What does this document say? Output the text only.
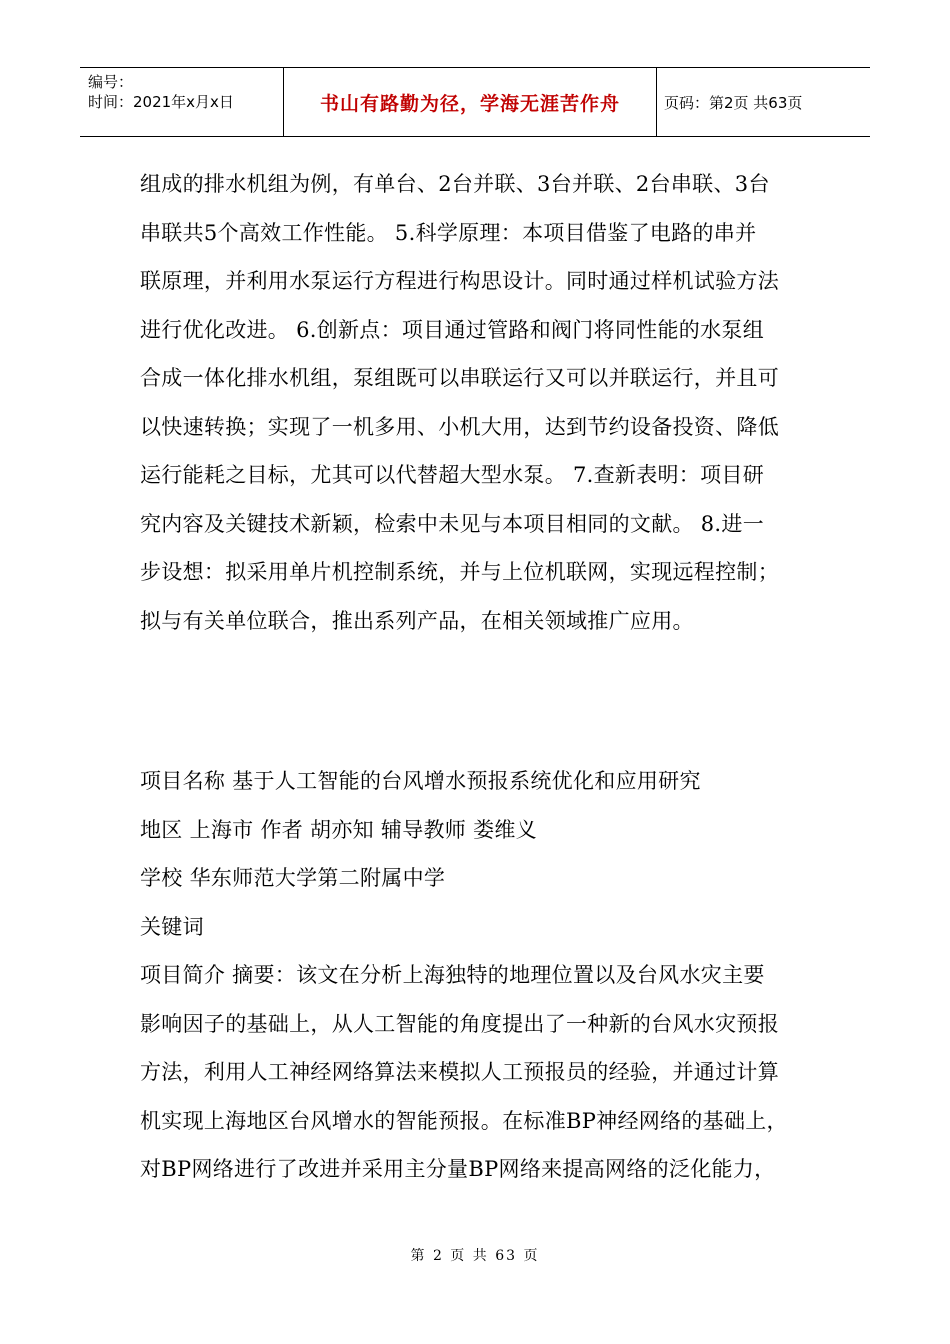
编号：
时间：2021年x月x日	书山有路勤为径，学海无涯苦作舟	页码：第2页 共63页
组成的排水机组为例，有单台、2台并联、3台并联、2台串联、3台
串联共5个高效工作性能。 5.科学原理：本项目借鉴了电路的串并
联原理，并利用水泵运行方程进行构思设计。同时通过样机试验方法
进行优化改进。 6.创新点：项目通过管路和阀门将同性能的水泵组
合成一体化排水机组，泵组既可以串联运行又可以并联运行，并且可
以快速转换；实现了一机多用、小机大用，达到节约设备投资、降低
运行能耗之目标，尤其可以代替超大型水泵。 7.查新表明：项目研
究内容及关键技术新颖，检索中未见与本项目相同的文献。 8.进一
步设想：拟采用单片机控制系统，并与上位机联网，实现远程控制；
拟与有关单位联合，推出系列产品，在相关领域推广应用。
项目名称 基于人工智能的台风增水预报系统优化和应用研究
地区 上海市 作者 胡亦知 辅导教师 娄维义
学校 华东师范大学第二附属中学
关键词
项目简介 摘要：该文在分析上海独特的地理位置以及台风水灾主要
影响因子的基础上，从人工智能的角度提出了一种新的台风水灾预报
方法，利用人工神经网络算法来模拟人工预报员的经验，并通过计算
机实现上海地区台风增水的智能预报。在标准BP神经网络的基础上，
对BP网络进行了改进并采用主分量BP网络来提高网络的泛化能力，
第 2 页 共 63 页
